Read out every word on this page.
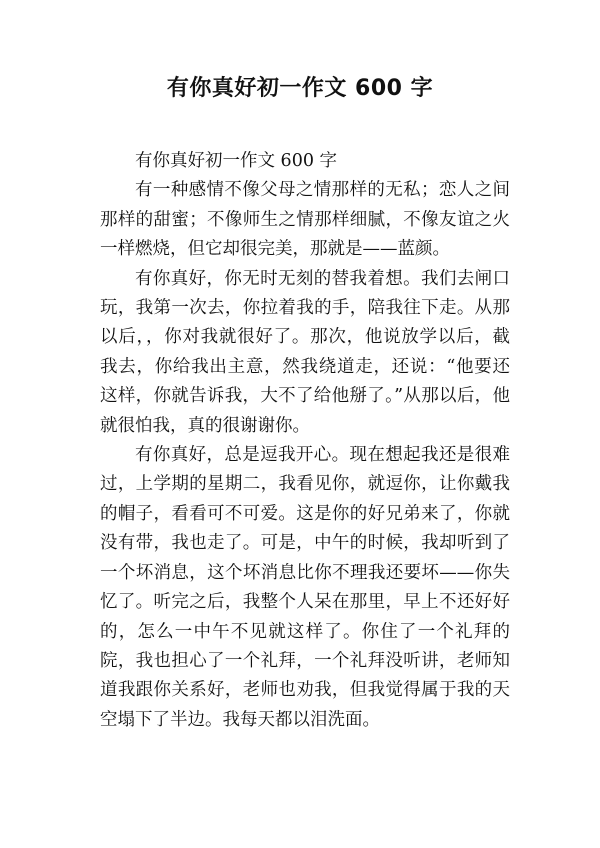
有你真好初一作文 600 字

有你真好初一作文 600 字

有一种感情不像父母之情那样的无私；恋人之间那样的甜蜜；不像师生之情那样细腻，不像友谊之火一样燃烧，但它却很完美，那就是——蓝颜。

有你真好，你无时无刻的替我着想。我们去闸口玩，我第一次去，你拉着我的手，陪我往下走。从那以后，，你对我就很好了。那次，他说放学以后，截我去，你给我出主意，然我绕道走，还说：“他要还这样，你就告诉我，大不了给他掰了。”从那以后，他就很怕我，真的很谢谢你。

有你真好，总是逗我开心。现在想起我还是很难过，上学期的星期二，我看见你，就逗你，让你戴我的帽子，看看可不可爱。这是你的好兄弟来了，你就没有带，我也走了。可是，中午的时候，我却听到了一个坏消息，这个坏消息比你不理我还要坏——你失忆了。听完之后，我整个人呆在那里，早上不还好好的，怎么一中午不见就这样了。你住了一个礼拜的院，我也担心了一个礼拜，一个礼拜没听讲，老师知道我跟你关系好，老师也劝我，但我觉得属于我的天空塌下了半边。我每天都以泪洗面。
